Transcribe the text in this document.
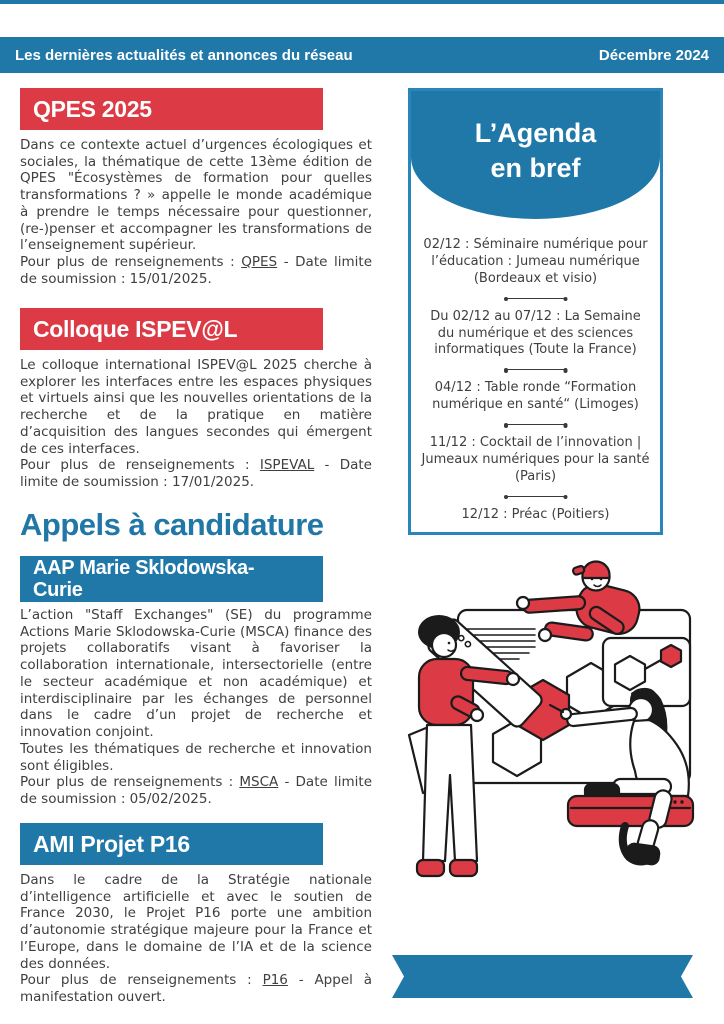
Les dernières actualités et annonces du réseau	Décembre 2024
QPES 2025

Dans ce contexte actuel d’urgences écologiques et sociales, la thématique de cette 13ème édition de QPES "Écosystèmes de formation pour quelles transformations ? » appelle le monde académique à prendre le temps nécessaire pour questionner, (re-)penser et accompagner les transformations de l’enseignement supérieur.

Pour plus de renseignements : QPES - Date limite de soumission : 15/01/2025.

Colloque ISPEV@L

Le colloque international ISPEV@L 2025 cherche à explorer les interfaces entre les espaces physiques et virtuels ainsi que les nouvelles orientations de la recherche et de la pratique en matière d’acquisition des langues secondes qui émergent de ces interfaces.

Pour plus de renseignements : ISPEVAL - Date limite de soumission : 17/01/2025.

Appels à candidature
AAP Marie Sklodowska-Curie

L’action "Staff Exchanges" (SE) du programme Actions Marie Sklodowska-Curie (MSCA) finance des projets collaboratifs visant à favoriser la collaboration internationale, intersectorielle (entre le secteur académique et non académique) et interdisciplinaire par les échanges de personnel dans le cadre d’un projet de recherche et innovation conjoint.

Toutes les thématiques de recherche et innovation sont éligibles.

Pour plus de renseignements : MSCA - Date limite de soumission : 05/02/2025.

AMI Projet P16

Dans le cadre de la Stratégie nationale d’intelligence artificielle et avec le soutien de France 2030, le Projet P16 porte une ambition d’autonomie stratégique majeure pour la France et l’Europe, dans le domaine de l’IA et de la science des données.

Pour plus de renseignements : P16 - Appel à manifestation ouvert.

L’Agenda
en bref
02/12 : Séminaire numérique pour l’éducation : Jumeau numérique (Bordeaux et visio)
Du 02/12 au 07/12 : La Semaine du numérique et des sciences informatiques (Toute la France)
04/12 : Table ronde “Formation numérique en santé“ (Limoges)
11/12 : Cocktail de l’innovation | Jumeaux numériques pour la santé (Paris)
12/12 : Préac (Poitiers)
